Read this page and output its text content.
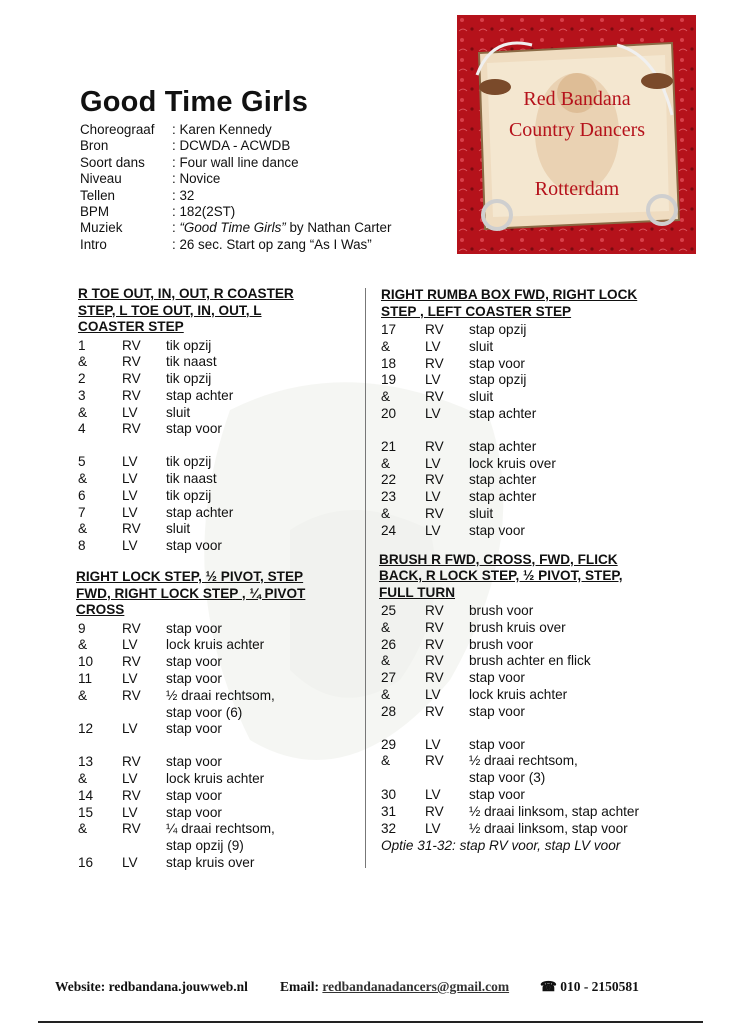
Good Time Girls
Choreograaf	: Karen Kennedy
Bron	: DCWDA - ACWDB
Soort dans	: Four wall line dance
Niveau	: Novice
Tellen	: 32
BPM	: 182(2ST)
Muziek	: “Good Time Girls” by Nathan Carter
Intro	: 26 sec. Start op zang “As I Was”
Red Bandana
Country Dancers
Rotterdam
R TOE OUT, IN, OUT, R COASTER STEP, L TOE OUT, IN, OUT, L COASTER STEP
1	RV	tik opzij
&	RV	tik naast
2	RV	tik opzij
3	RV	stap achter
&	LV	sluit
4	RV	stap voor
5	LV	tik opzij
&	LV	tik naast
6	LV	tik opzij
7	LV	stap achter
&	RV	sluit
8	LV	stap voor
RIGHT LOCK STEP, ½ PIVOT, STEP FWD, RIGHT LOCK STEP , ¼ PIVOT CROSS
9	RV	stap voor
&	LV	lock kruis achter
10	RV	stap voor
11	LV	stap voor
&	RV	½ draai rechtsom,
stap voor (6)
12	LV	stap voor
13	RV	stap voor
&	LV	lock kruis achter
14	RV	stap voor
15	LV	stap voor
&	RV	¼ draai rechtsom,
stap opzij (9)
16	LV	stap kruis over
RIGHT RUMBA BOX FWD, RIGHT LOCK STEP , LEFT COASTER STEP
17	RV	stap opzij
&	LV	sluit
18	RV	stap voor
19	LV	stap opzij
&	RV	sluit
20	LV	stap achter
21	RV	stap achter
&	LV	lock kruis over
22	RV	stap achter
23	LV	stap achter
&	RV	sluit
24	LV	stap voor
BRUSH R FWD, CROSS, FWD, FLICK BACK, R LOCK STEP, ½ PIVOT, STEP, FULL TURN
25	RV	brush voor
&	RV	brush kruis over
26	RV	brush voor
&	RV	brush achter en flick
27	RV	stap voor
&	LV	lock kruis achter
28	RV	stap voor
29	LV	stap voor
&	RV	½ draai rechtsom,
stap voor (3)
30	LV	stap voor
31	RV	½ draai linksom, stap achter
32	LV	½ draai linksom, stap voor
Optie 31-32: stap RV voor, stap LV voor
Website: redbandana.jouwweb.nl	Email: redbandanadancers@gmail.com	☎ 010 - 2150581
